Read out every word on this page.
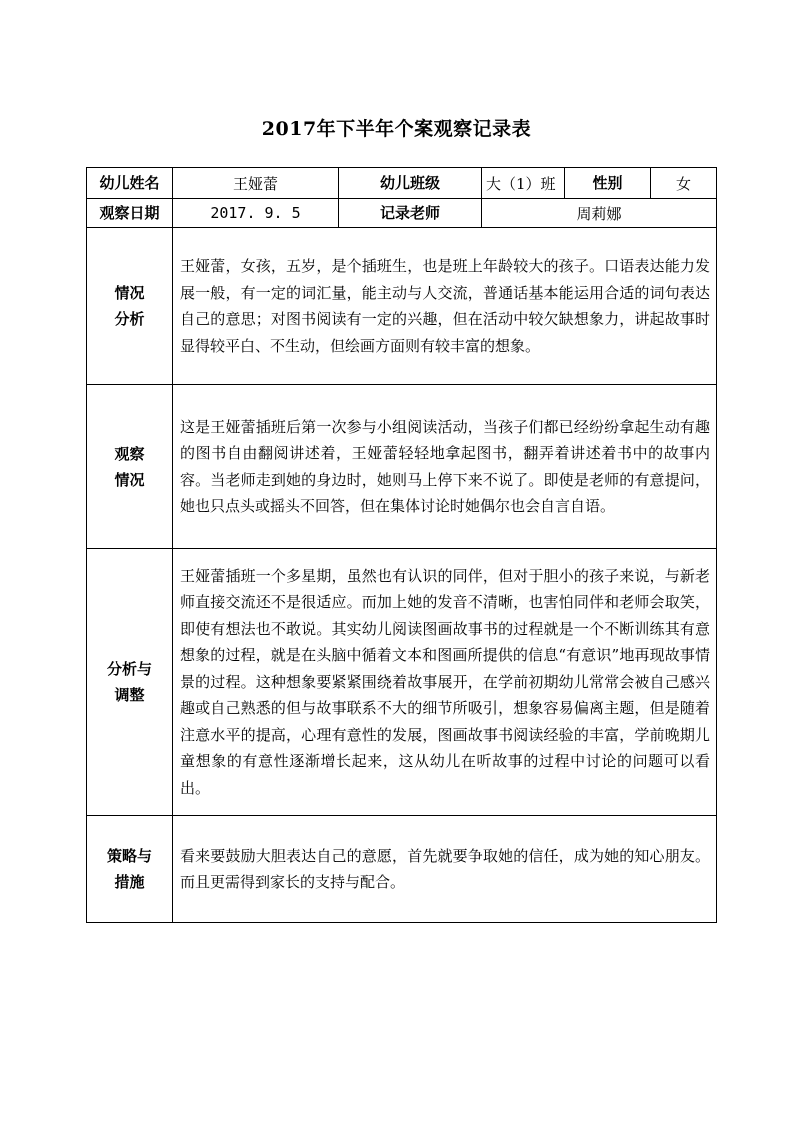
2017年下半年个案观察记录表
幼儿姓名	王娅蕾	幼儿班级	大（1）班	性别	女
观察日期	2017. 9. 5	记录老师	周莉娜		

情况
分析	王娅蕾，女孩，五岁，是个插班生，也是班上年龄较大的孩子。口语表达能力发展一般，有一定的词汇量，能主动与人交流，普通话基本能运用合适的词句表达自己的意思；对图书阅读有一定的兴趣，但在活动中较欠缺想象力，讲起故事时显得较平白、不生动，但绘画方面则有较丰富的想象。				

观察
情况	这是王娅蕾插班后第一次参与小组阅读活动，当孩子们都已经纷纷拿起生动有趣的图书自由翻阅讲述着，王娅蕾轻轻地拿起图书，翻弄着讲述着书中的故事内容。当老师走到她的身边时，她则马上停下来不说了。即使是老师的有意提问，她也只点头或摇头不回答，但在集体讨论时她偶尔也会自言自语。				

分析与
调整	王娅蕾插班一个多星期，虽然也有认识的同伴，但对于胆小的孩子来说，与新老师直接交流还不是很适应。而加上她的发音不清晰，也害怕同伴和老师会取笑，即使有想法也不敢说。其实幼儿阅读图画故事书的过程就是一个不断训练其有意想象的过程，就是在头脑中循着文本和图画所提供的信息“有意识”地再现故事情景的过程。这种想象要紧紧围绕着故事展开，在学前初期幼儿常常会被自己感兴趣或自己熟悉的但与故事联系不大的细节所吸引，想象容易偏离主题，但是随着注意水平的提高，心理有意性的发展，图画故事书阅读经验的丰富，学前晚期儿童想象的有意性逐渐增长起来，这从幼儿在听故事的过程中讨论的问题可以看出。				

策略与
措施	看来要鼓励大胆表达自己的意愿，首先就要争取她的信任，成为她的知心朋友。而且更需得到家长的支持与配合。				
